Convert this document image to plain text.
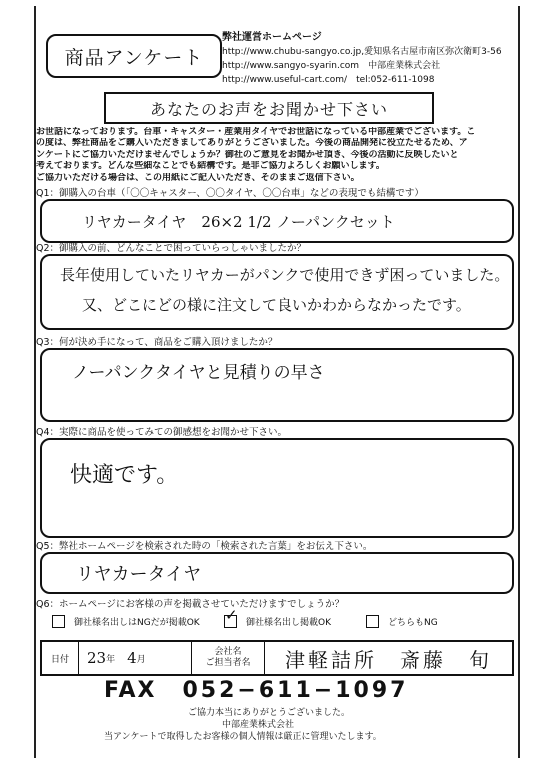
商品アンケート
弊社運営ホームページ
http://www.chubu-sangyo.co.jp,愛知県名古屋市南区弥次衛町3-56
http://www.sangyo-syarin.com　 中部産業株式会社
http://www.useful-cart.com/　 tel:052-611-1098
あなたのお声をお聞かせ下さい
お世話になっております。台車・キャスター・産業用タイヤでお世話になっている中部産業でございます。こ
の度は、弊社商品をご購入いただきましてありがとうございました。今後の商品開発に役立たせるため、ア
ンケートにご協力いただけませんでしょうか？御社のご意見をお聞かせ頂き、今後の活動に反映したいと
考えております。どんな些細なことでも結構です。是非ご協力よろしくお願いします。
ご協力いただける場合は、この用紙にご記入いただき、そのままご返信下さい。
Q1：御購入の台車（「〇〇キャスター、〇〇タイヤ、〇〇台車」などの表現でも結構です）
リヤカータイヤ　26×2 1/2 ノーパンクセット
Q2：御購入の前、どんなことで困っていらっしゃいましたか？
長年使用していたリヤカーがパンクで使用できず困っていました。
又、どこにどの様に注文して良いかわからなかったです。
Q3：何が決め手になって、商品をご購入頂けましたか？
ノーパンクタイヤと見積りの早さ
Q4：実際に商品を使ってみての御感想をお聞かせ下さい。
快適です。
Q5：弊社ホームページを検索された時の「検索された言葉」をお伝え下さい。
リヤカータイヤ
Q6：ホームページにお客様の声を掲載させていただけますでしょうか？
御社様名出しはNGだが掲載OK ✓ 御社様名出し掲載OK	どちらもNG
日付 23 年 4 月
会社名
ご担当者名 津軽詰所　斎藤　旬
FAX 052−611−1097
ご協力本当にありがとうございました。
中部産業株式会社
当アンケートで取得したお客様の個人情報は厳正に管理いたします。
